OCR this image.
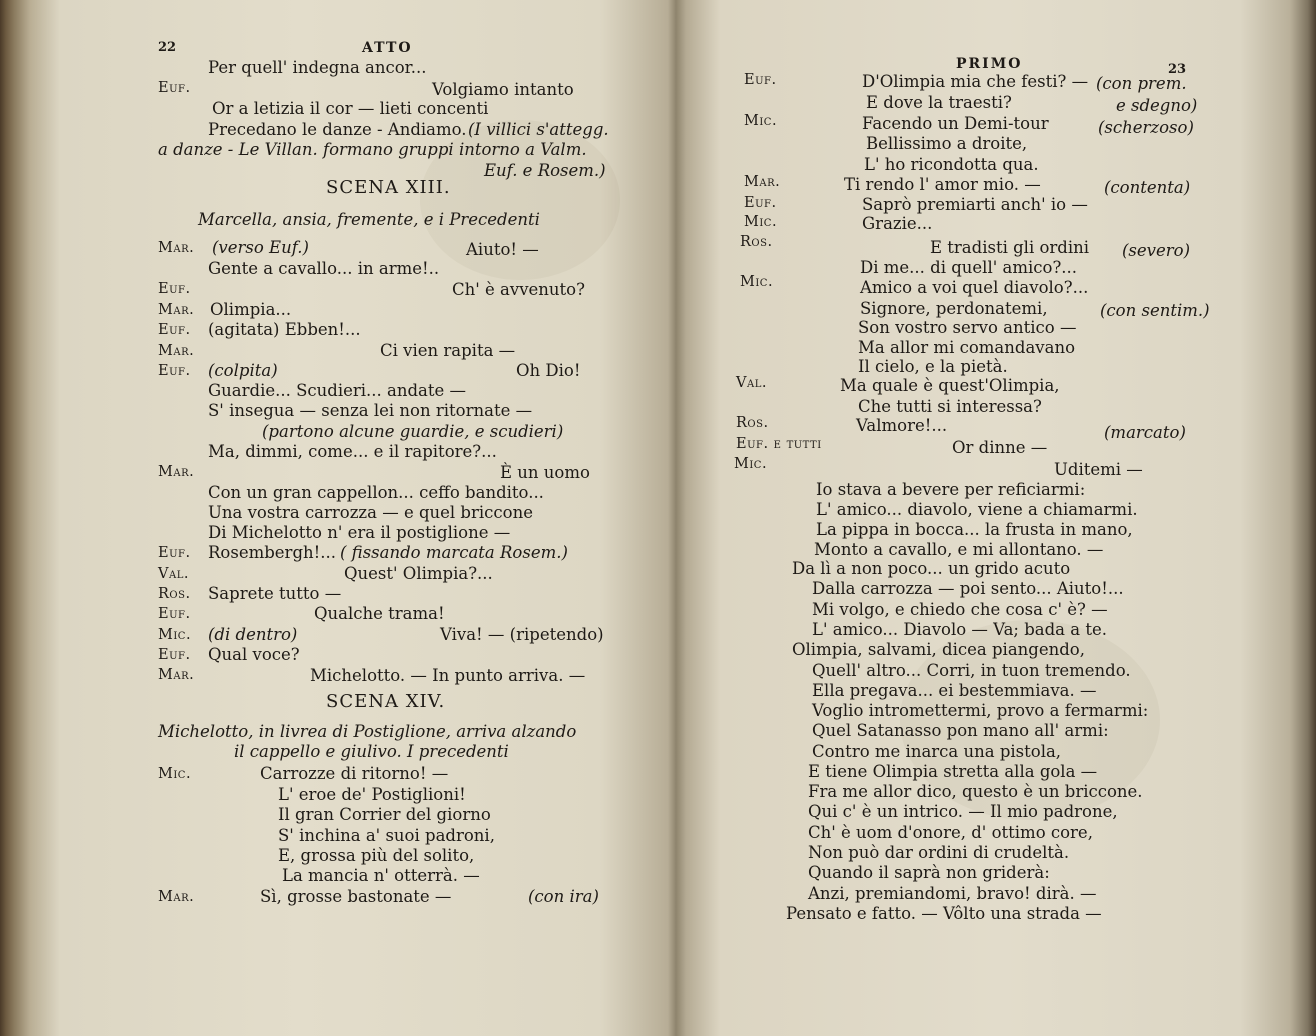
22	ATTO
Per quell' indegna ancor...
Euf.	Volgiamo intanto
Or a letizia il cor — lieti concenti
Precedano le danze - Andiamo. (I villici s'attegg.
a danze - Le Villan. formano gruppi intorno a Valm.
Euf. e Rosem.)
SCENA XIII.
Marcella, ansia, fremente, e i Precedenti
Mar. (verso Euf.)	Aiuto! —
Gente a cavallo... in arme!..
Euf.	Ch' è avvenuto?
Mar. Olimpia...
Euf. (agitata) Ebben!...
Mar.	Ci vien rapita —
Euf. (colpita)	Oh Dio!
Guardie... Scudieri... andate —
S' insegua — senza lei non ritornate —
(partono alcune guardie, e scudieri)
Ma, dimmi, come... e il rapitore?...
Mar.	È un uomo
Con un gran cappellon... ceffo bandito...
Una vostra carrozza — e quel briccone
Di Michelotto n' era il postiglione —
Euf. Rosembergh!... ( fissando marcata Rosem.)
Val.	Quest' Olimpia?...
Ros. Saprete tutto —
Euf.	Qualche trama!
Mic. (di dentro)	Viva! — (ripetendo)
Euf. Qual voce?
Mar.	Michelotto. — In punto arriva. —
SCENA XIV.
Michelotto, in livrea di Postiglione, arriva alzando
il cappello e giulivo. I precedenti
Mic.	Carrozze di ritorno! —
L' eroe de' Postiglioni!
Il gran Corrier del giorno
S' inchina a' suoi padroni,
E, grossa più del solito,
La mancia n' otterrà. —
Mar.	Sì, grosse bastonate —	(con ira)
PRIMO	23
Euf.	D'Olimpia mia che festi? — (con prem.
E dove la traesti?	e sdegno)
Mic.	Facendo un Demi-tour	(scherzoso)
Bellissimo a droite,
L' ho ricondotta qua.
Mar.	Ti rendo l' amor mio. —	(contenta)
Euf.	Saprò premiarti anch' io —
Mic.	Grazie...
Ros.	E tradisti gli ordini (severo)
Di me... di quell' amico?...
Mic.	Amico a voi quel diavolo?...
Signore, perdonatemi,	(con sentim.)
Son vostro servo antico —
Ma allor mi comandavano
Il cielo, e la pietà.
Val.	Ma quale è quest'Olimpia,
Che tutti si interessa?
Ros.	Valmore!...	(marcato)
Euf. e tutti	Or dinne —
Mic.	Uditemi —
Io stava a bevere per reficiarmi:
L' amico... diavolo, viene a chiamarmi.
La pippa in bocca... la frusta in mano,
Monto a cavallo, e mi allontano. —
Da lì a non poco... un grido acuto
Dalla carrozza — poi sento... Aiuto!...
Mi volgo, e chiedo che cosa c' è? —
L' amico... Diavolo — Va; bada a te.
Olimpia, salvami, dicea piangendo,
Quell' altro... Corri, in tuon tremendo.
Ella pregava... ei bestemmiava. —
Voglio intromettermi, provo a fermarmi:
Quel Satanasso pon mano all' armi:
Contro me inarca una pistola,
E tiene Olimpia stretta alla gola —
Fra me allor dico, questo è un briccone.
Qui c' è un intrico. — Il mio padrone,
Ch' è uom d'onore, d' ottimo core,
Non può dar ordini di crudeltà.
Quando il saprà non griderà:
Anzi, premiandomi, bravo! dirà. —
Pensato e fatto. — Vôlto una strada —
